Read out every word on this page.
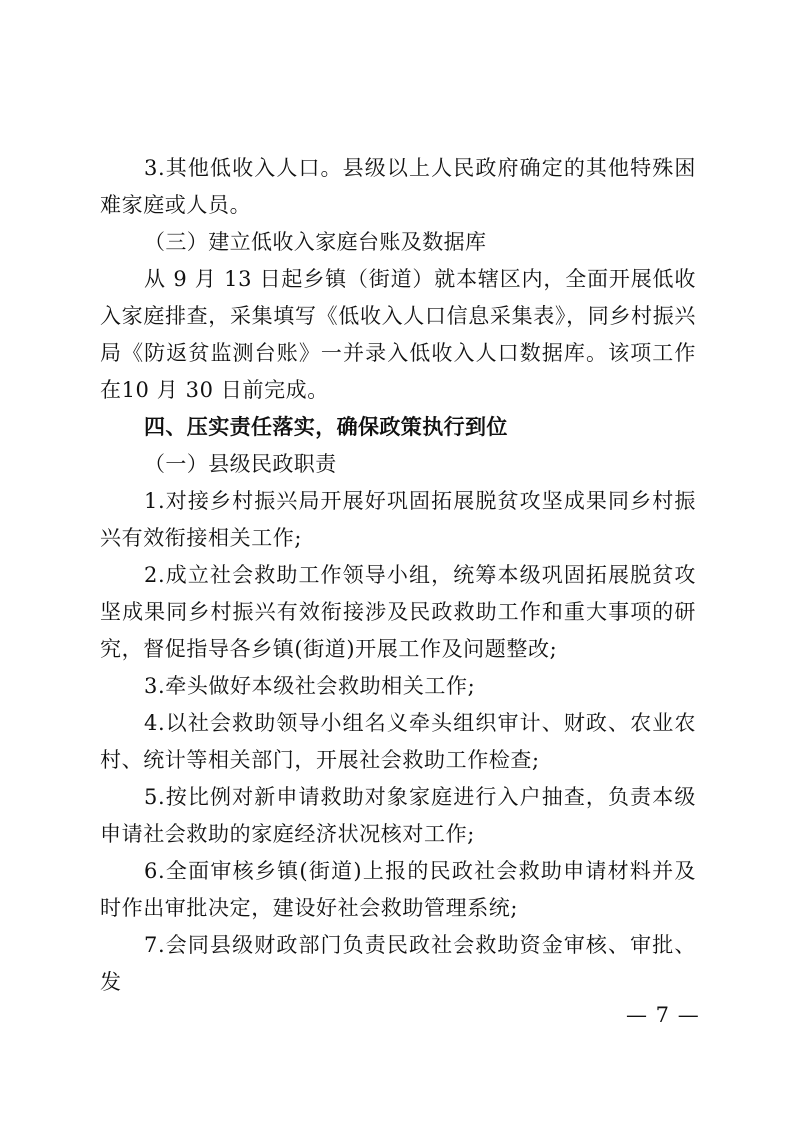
3.其他低收入人口。县级以上人民政府确定的其他特殊困难家庭或人员。

（三）建立低收入家庭台账及数据库

从 9 月 13 日起乡镇（街道）就本辖区内，全面开展低收入家庭排查，采集填写《低收入人口信息采集表》，同乡村振兴局《防返贫监测台账》一并录入低收入人口数据库。该项工作在10 月 30 日前完成。

四、压实责任落实，确保政策执行到位

（一）县级民政职责

1.对接乡村振兴局开展好巩固拓展脱贫攻坚成果同乡村振兴有效衔接相关工作;

2.成立社会救助工作领导小组，统筹本级巩固拓展脱贫攻坚成果同乡村振兴有效衔接涉及民政救助工作和重大事项的研究，督促指导各乡镇(街道)开展工作及问题整改;

3.牵头做好本级社会救助相关工作;

4.以社会救助领导小组名义牵头组织审计、财政、农业农村、统计等相关部门，开展社会救助工作检查;

5.按比例对新申请救助对象家庭进行入户抽查，负责本级申请社会救助的家庭经济状况核对工作;

6.全面审核乡镇(街道)上报的民政社会救助申请材料并及时作出审批决定，建设好社会救助管理系统;

7.会同县级财政部门负责民政社会救助资金审核、审批、发

— 7 —
